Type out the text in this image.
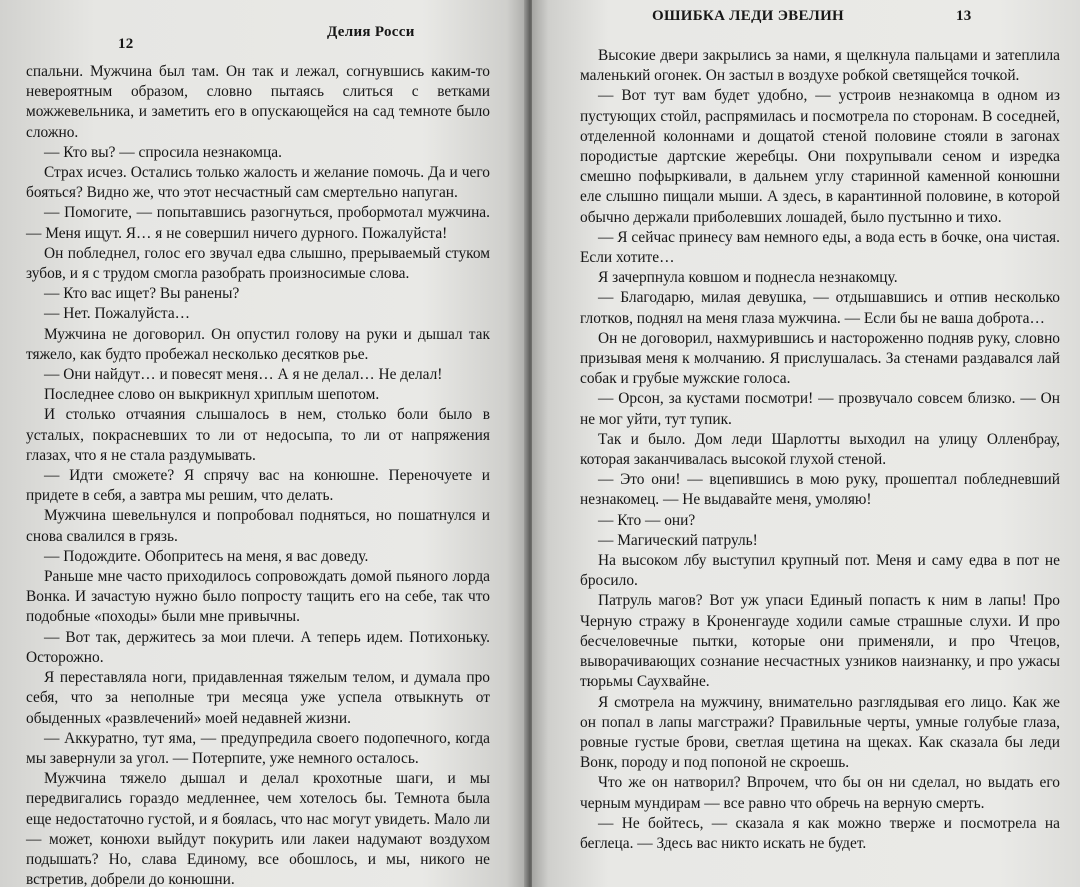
12
Делия Росси

спальни. Мужчина был там. Он так и лежал, согнувшись каким-то невероятным образом, словно пытаясь слиться с ветками можжевельника, и заметить его в опускающейся на сад темноте было сложно.

— Кто вы? — спросила незнакомца.

Страх исчез. Остались только жалость и желание помочь. Да и чего бояться? Видно же, что этот несчастный сам смертельно напуган.

— Помогите, — попытавшись разогнуться, пробормотал мужчина. — Меня ищут. Я… я не совершил ничего дурного. Пожалуйста!

Он побледнел, голос его звучал едва слышно, прерываемый стуком зубов, и я с трудом смогла разобрать произносимые слова.

— Кто вас ищет? Вы ранены?

— Нет. Пожалуйста…

Мужчина не договорил. Он опустил голову на руки и дышал так тяжело, как будто пробежал несколько десятков рье.

— Они найдут… и повесят меня… А я не делал… Не делал!

Последнее слово он выкрикнул хриплым шепотом.

И столько отчаяния слышалось в нем, столько боли было в усталых, покрасневших то ли от недосыпа, то ли от напряжения глазах, что я не стала раздумывать.

— Идти сможете? Я спрячу вас на конюшне. Переночуете и придете в себя, а завтра мы решим, что делать.

Мужчина шевельнулся и попробовал подняться, но пошатнулся и снова свалился в грязь.

— Подождите. Обопритесь на меня, я вас доведу.

Раньше мне часто приходилось сопровождать домой пьяного лорда Вонка. И зачастую нужно было попросту тащить его на себе, так что подобные «походы» были мне привычны.

— Вот так, держитесь за мои плечи. А теперь идем. Потихоньку. Осторожно.

Я переставляла ноги, придавленная тяжелым телом, и думала про себя, что за неполные три месяца уже успела отвыкнуть от обыденных «развлечений» моей недавней жизни.

— Аккуратно, тут яма, — предупредила своего подопечного, когда мы завернули за угол. — Потерпите, уже немного осталось.

Мужчина тяжело дышал и делал крохотные шаги, и мы передвигались гораздо медленнее, чем хотелось бы. Темнота была еще недостаточно густой, и я боялась, что нас могут увидеть. Мало ли — может, конюхи выйдут покурить или лакеи надумают воздухом подышать? Но, слава Единому, все обошлось, и мы, никого не встретив, добрели до конюшни.

ОШИБКА ЛЕДИ ЭВЕЛИН	13

Высокие двери закрылись за нами, я щелкнула пальцами и затеплила маленький огонек. Он застыл в воздухе робкой светящейся точкой.

— Вот тут вам будет удобно, — устроив незнакомца в одном из пустующих стойл, распрямилась и посмотрела по сторонам. В соседней, отделенной колоннами и дощатой стеной половине стояли в загонах породистые дартские жеребцы. Они похрупывали сеном и изредка смешно пофыркивали, в дальнем углу старинной каменной конюшни еле слышно пищали мыши. А здесь, в карантинной половине, в которой обычно держали приболевших лошадей, было пустынно и тихо.

— Я сейчас принесу вам немного еды, а вода есть в бочке, она чистая. Если хотите…

Я зачерпнула ковшом и поднесла незнакомцу.

— Благодарю, милая девушка, — отдышавшись и отпив несколько глотков, поднял на меня глаза мужчина. — Если бы не ваша доброта…

Он не договорил, нахмурившись и настороженно подняв руку, словно призывая меня к молчанию. Я прислушалась. За стенами раздавался лай собак и грубые мужские голоса.

— Орсон, за кустами посмотри! — прозвучало совсем близко. — Он не мог уйти, тут тупик.

Так и было. Дом леди Шарлотты выходил на улицу Олленбрау, которая заканчивалась высокой глухой стеной.

— Это они! — вцепившись в мою руку, прошептал побледневший незнакомец. — Не выдавайте меня, умоляю!

— Кто — они?

— Магический патруль!

На высоком лбу выступил крупный пот. Меня и саму едва в пот не бросило.

Патруль магов? Вот уж упаси Единый попасть к ним в лапы! Про Черную стражу в Кроненгауде ходили самые страшные слухи. И про бесчеловечные пытки, которые они применяли, и про Чтецов, выворачивающих сознание несчастных узников наизнанку, и про ужасы тюрьмы Саухвайне.

Я смотрела на мужчину, внимательно разглядывая его лицо. Как же он попал в лапы магстражи? Правильные черты, умные голубые глаза, ровные густые брови, светлая щетина на щеках. Как сказала бы леди Вонк, породу и под попоной не скроешь.

Что же он натворил? Впрочем, что бы он ни сделал, но выдать его черным мундирам — все равно что обречь на верную смерть.

— Не бойтесь, — сказала я как можно тверже и посмотрела на беглеца. — Здесь вас никто искать не будет.
